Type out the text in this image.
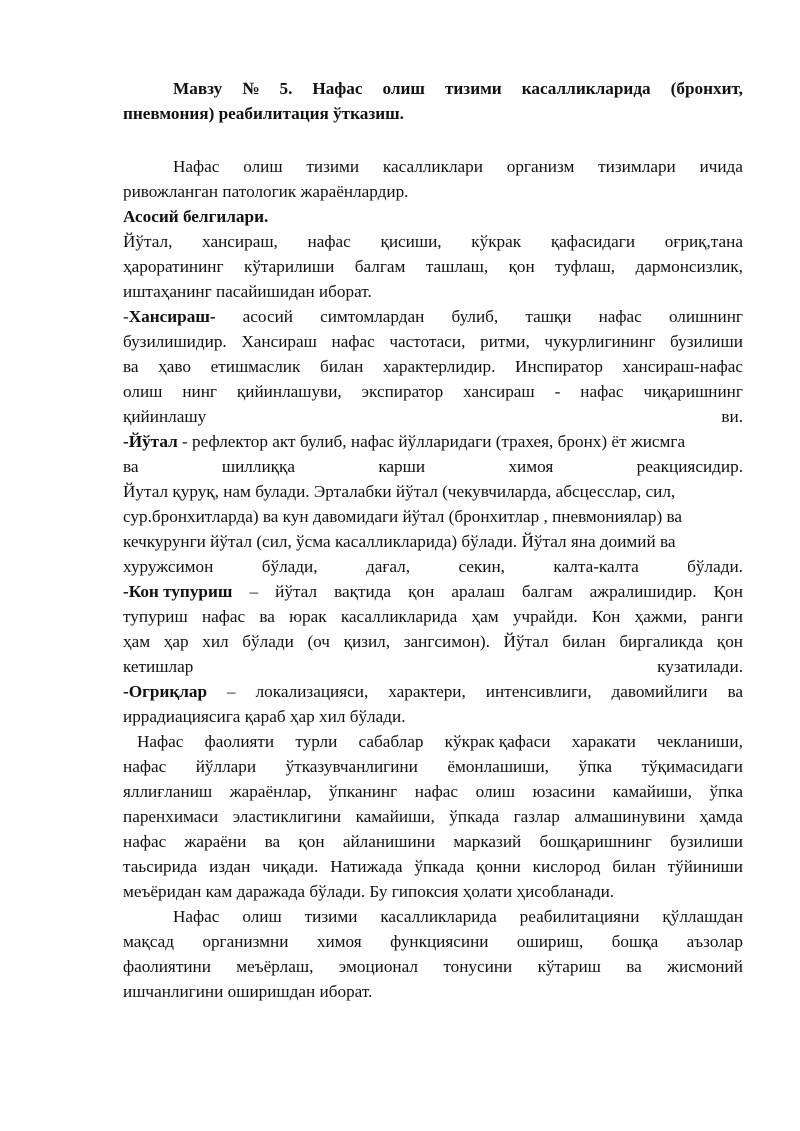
Мавзу № 5. Нафас олиш тизими касалликларида (бронхит,
пневмония) реабилитация ўтказиш.
Нафас олиш тизими касалликлари организм тизимлари ичида
ривожланган патологик жараёнлардир.
Асосий белгилари.
Йўтал, хансираш, нафас қисиши, кўкрак қафасидаги оғриқ,тана
ҳароратининг кўтарилиши балгам ташлаш, қон туфлаш, дармонсизлик,
иштаҳанинг пасайишидан иборат.
-Хансираш- асосий симтомлардан булиб, ташқи нафас олишнинг
бузилишидир. Хансираш нафас частотаси, ритми, чукурлигининг бузилиши
ва ҳаво етишмаслик билан характерлидир. Инспиратор хансираш-нафас
олиш нинг қийинлашуви, экспиратор хансираш - нафас чиқаришнинг
қийинлашу	ви.
-Йўтал - рефлектор акт булиб, нафас йўлларидаги (трахея, бронх) ёт жисмга
ва	шиллиққа	карши	химоя	реакциясидир.
Йутал қуруқ, нам булади. Эрталабки йўтал (чекувчиларда, абсцесслар, сил,
сур.бронхитларда) ва кун давомидаги йўтал (бронхитлар , пневмониялар) ва
кечкурунги йўтал (сил, ўсма касалликларида) бўлади. Йўтал яна доимий ва
хуружсимон	бўлади,	дағал,	секин,	калта-калта	бўлади.
-Кон тупуриш – йўтал вақтида қон аралаш балгам ажралишидир. Қон
тупуриш нафас ва юрак касалликларида ҳам учрайди. Кон ҳажми, ранги
ҳам ҳар хил бўлади (оч қизил, зангсимон). Йўтал билан биргаликда қон
кетишлар	кузатилади.
-Огриқлар – локализацияси, характери, интенсивлиги, давомийлиги ва
иррадиациясига қараб ҳар хил бўлади.
Нафас фаолияти турли сабаблар кўкрак қафаси харакати чекланиши,
нафас йўллари ўтказувчанлигини ёмонлашиши, ўпка тўқимасидаги
яллиғланиш жараёнлар, ўпканинг нафас олиш юзасини камайиши, ўпка
паренхимаси эластиклигини камайиши, ўпкада газлар алмашинувини ҳамда
нафас жараёни ва қон айланишини марказий бошқаришнинг бузилиши
таьсирида издан чиқади. Натижада ўпкада қонни кислород билан тўйиниши
меъёридан кам даражада бўлади. Бу гипоксия ҳолати ҳисобланади.
Нафас олиш тизими касалликларида реабилитацияни қўллашдан
мақсад организмни химоя функциясини ошириш, бошқа аъзолар
фаолиятини меъёрлаш, эмоционал тонусини кўтариш ва жисмоний
ишчанлигини оширишдан иборат.
